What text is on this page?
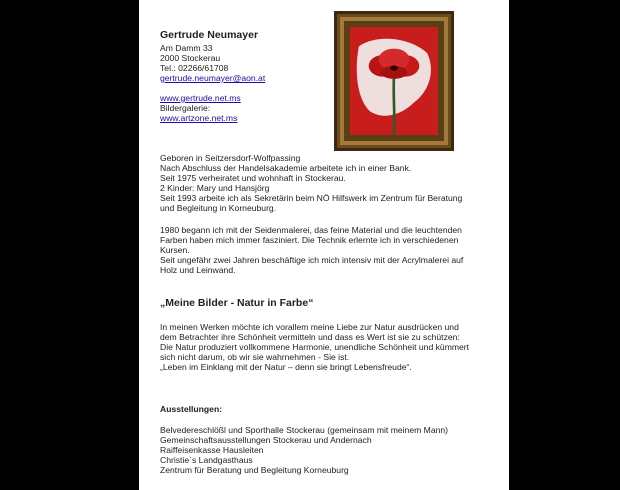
Gertrude Neumayer
Am Damm 33
2000 Stockerau
Tel.: 02266/61708
gertrude.neumayer@aon.at
www.gertrude.net.ms
Bildergalerie:
www.artzone.net.ms
Geboren in Seitzersdorf-Wolfpassing
Nach Abschluss der Handelsakademie arbeitete ich in einer Bank.
Seit 1975 verheiratet und wohnhaft in Stockerau.
2 Kinder: Mary und Hansjörg
Seit 1993 arbeite ich als Sekretärin beim NÖ Hilfswerk im Zentrum für Beratung
und Begleitung in Korneuburg.
1980 begann ich mit der Seidenmalerei, das feine Material und die leuchtenden
Farben haben mich immer fasziniert. Die Technik erlernte ich in verschiedenen
Kursen.
Seit ungefähr zwei Jahren beschäftige ich mich intensiv mit der Acrylmalerei auf
Holz und Leinwand.
„Meine Bilder - Natur in Farbe“
In meinen Werken möchte ich vorallem meine Liebe zur Natur ausdrücken und
dem Betrachter ihre Schönheit vermitteln und dass es Wert ist sie zu schützen:
Die Natur produziert vollkommene Harmonie, unendliche Schönheit und kümmert
sich nicht darum, ob wir sie wahrnehmen - Sie ist.
„Leben im Einklang mit der Natur – denn sie bringt Lebensfreude“.
Ausstellungen:
Belvedereschlößl und Sporthalle Stockerau (gemeinsam mit meinem Mann)
Gemeinschaftsausstellungen Stockerau und Andernach
Raiffeisenkasse Hausleiten
Christie`s Landgasthaus
Zentrum für Beratung und Begleitung Korneuburg
